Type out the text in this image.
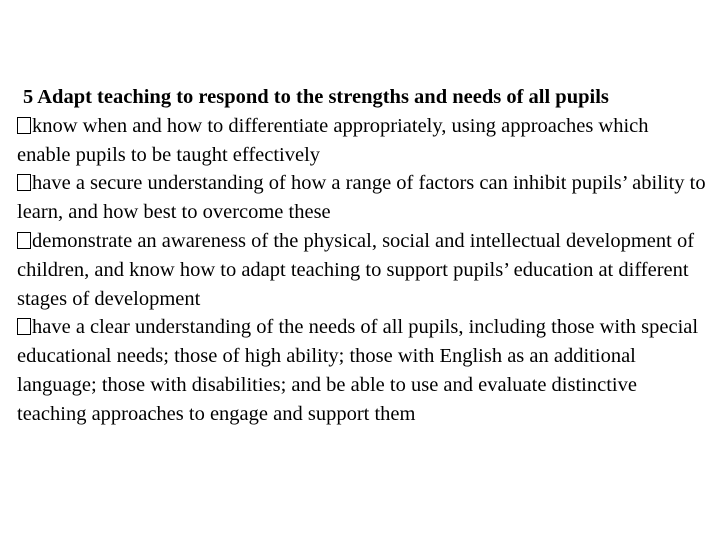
5 Adapt teaching to respond to the strengths and needs of all pupils

know when and how to differentiate appropriately, using approaches which enable pupils to be taught effectively
have a secure understanding of how a range of factors can inhibit pupils’ ability to learn, and how best to overcome these
demonstrate an awareness of the physical, social and intellectual development of children, and know how to adapt teaching to support pupils’ education at different stages of development
have a clear understanding of the needs of all pupils, including those with special educational needs; those of high ability; those with English as an additional language; those with disabilities; and be able to use and evaluate distinctive teaching approaches to engage and support them
